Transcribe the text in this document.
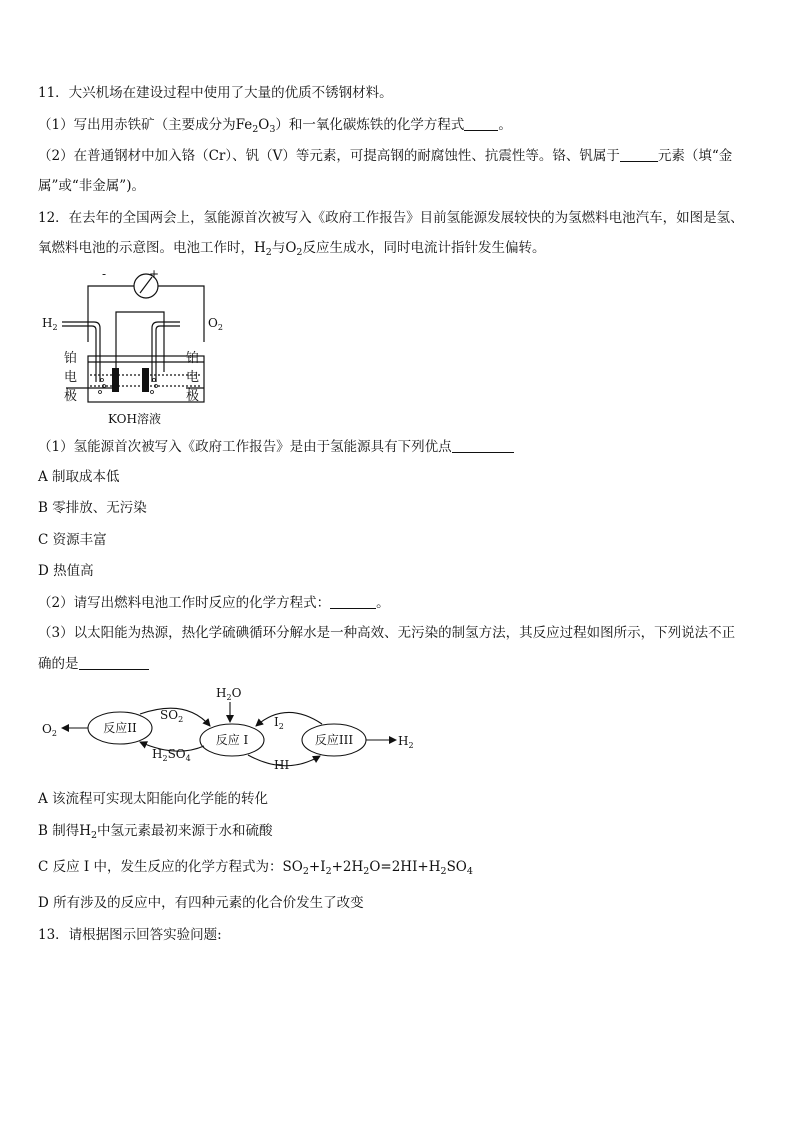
11．大兴机场在建设过程中使用了大量的优质不锈钢材料。
（1）写出用赤铁矿（主要成分为$Fe_2O_3$）和一氧化碳炼铁的化学方程式	。
（2）在普通钢材中加入铬（Cr）、钒（V）等元素，可提高钢的耐腐蚀性、抗震性等。铬、钒属于	元素（填“金
属”或“非金属”)。
12．在去年的全国两会上，氢能源首次被写入《政府工作报告》目前氢能源发展较快的为氢燃料电池汽车，如图是氢、
氧燃料电池的示意图。电池工作时，$H_2$与$O_2$反应生成水，同时电流计指针发生偏转。
-	+
$H_2$	$O_2$
铂
电
极
铂
电
极
KOH溶液
（1）氢能源首次被写入《政府工作报告》是由于氢能源具有下列优点
A 制取成本低
B 零排放、无污染
C 资源丰富
D 热值高
（2）请写出燃料电池工作时反应的化学方程式：	。
（3）以太阳能为热源，热化学硫碘循环分解水是一种高效、无污染的制氢方法，其反应过程如图所示，下列说法不正
确的是
$H_2O$
$O_2$
$SO_2$
$H_2SO_4$
$I_2$
HI
$H_2$
反应II
反应 I	反应III
A 该流程可实现太阳能向化学能的转化
B 制得$H_2$中氢元素最初来源于水和硫酸
C 反应 I 中，发生反应的化学方程式为：$SO_2+I_2+2H_2O=2HI+H_2SO_4$
D 所有涉及的反应中，有四种元素的化合价发生了改变
13．请根据图示回答实验问题:
